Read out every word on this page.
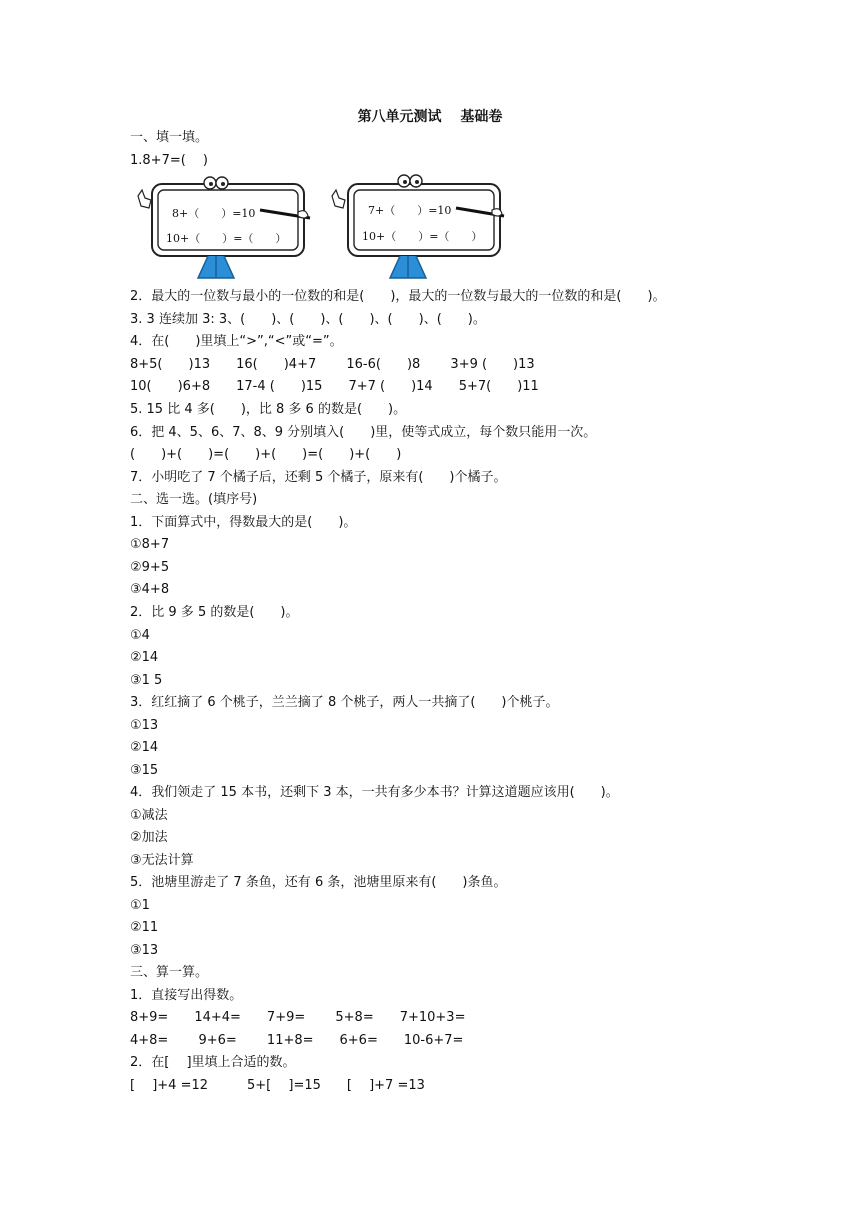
第八单元测试　 基础卷
一、填一填。
1.8+7=(　 )
8+（　　）=10
10+（　　）=（　　）
7+（　　）=10
10+（　　）=（　　）
2．最大的一位数与最小的一位数的和是(　　)，最大的一位数与最大的一位数的和是(　　)。
3. 3 连续加 3: 3、(　　)、(　　)、(　　)、(　　)、(　　)。
4．在(　　)里填上“>”,“<”或“=”。
8+5(　　)13　　16(　　)4+7　　 16-6(　　)8　　 3+9 (　　)13
10(　　)6+8　　17-4 (　　)15　　7+7 (　　)14　　5+7(　　)11
5. 15 比 4 多(　　)，比 8 多 6 的数是(　　)。
6．把 4、5、6、7、8、9 分别填入(　　)里，使等式成立，每个数只能用一次。
(　　)+(　　)=(　　)+(　　)=(　　)+(　　)
7．小明吃了 7 个橘子后，还剩 5 个橘子，原来有(　　)个橘子。
二、选一选。(填序号)
1．下面算式中，得数最大的是(　　)。
①8+7
②9+5
③4+8
2．比 9 多 5 的数是(　　)。
①4
②14
③1 5
3．红红摘了 6 个桃子，兰兰摘了 8 个桃子，两人一共摘了(　　)个桃子。
①13
②14
③15
4．我们领走了 15 本书，还剩下 3 本，一共有多少本书？计算这道题应该用(　　)。
①减法
②加法
③无法计算
5．池塘里游走了 7 条鱼，还有 6 条，池塘里原来有(　　)条鱼。
①1
②11
③13
三、算一算。
1．直接写出得数。
8+9=　　14+4=　　7+9=　　 5+8=　　7+10+3=
4+8=　　 9+6=　　 11+8=　　6+6=　　10-6+7=
2．在[　 ]里填上合适的数。
[　 ]+4 =12　　　5+[　 ]=15　　[　 ]+7 =13
